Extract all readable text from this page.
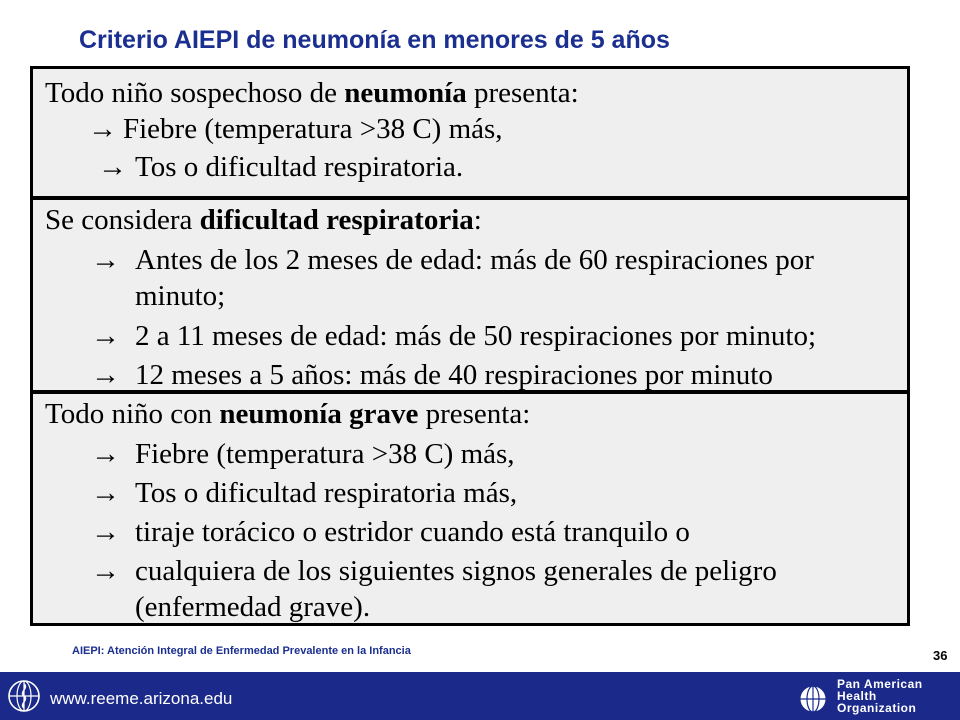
Criterio AIEPI de neumonía en menores de 5 años
Todo niño sospechoso de neumonía presenta:
→ Fiebre (temperatura >38 C) más,
→ Tos o dificultad respiratoria.
Se considera dificultad respiratoria:
→ Antes de los 2 meses de edad: más de 60 respiraciones por
minuto;
→ 2 a 11 meses de edad: más de 50 respiraciones por minuto;
→ 12 meses a 5 años: más de 40 respiraciones por minuto
Todo niño con neumonía grave presenta:
→ Fiebre (temperatura >38 C) más,
→ Tos o dificultad respiratoria más,
→ tiraje torácico o estridor cuando está tranquilo o
→ cualquiera de los siguientes signos generales de peligro
(enfermedad grave).
AIEPI: Atención Integral de Enfermedad Prevalente en la Infancia	36
www.reeme.arizona.edu
Pan American
Health
Organization
